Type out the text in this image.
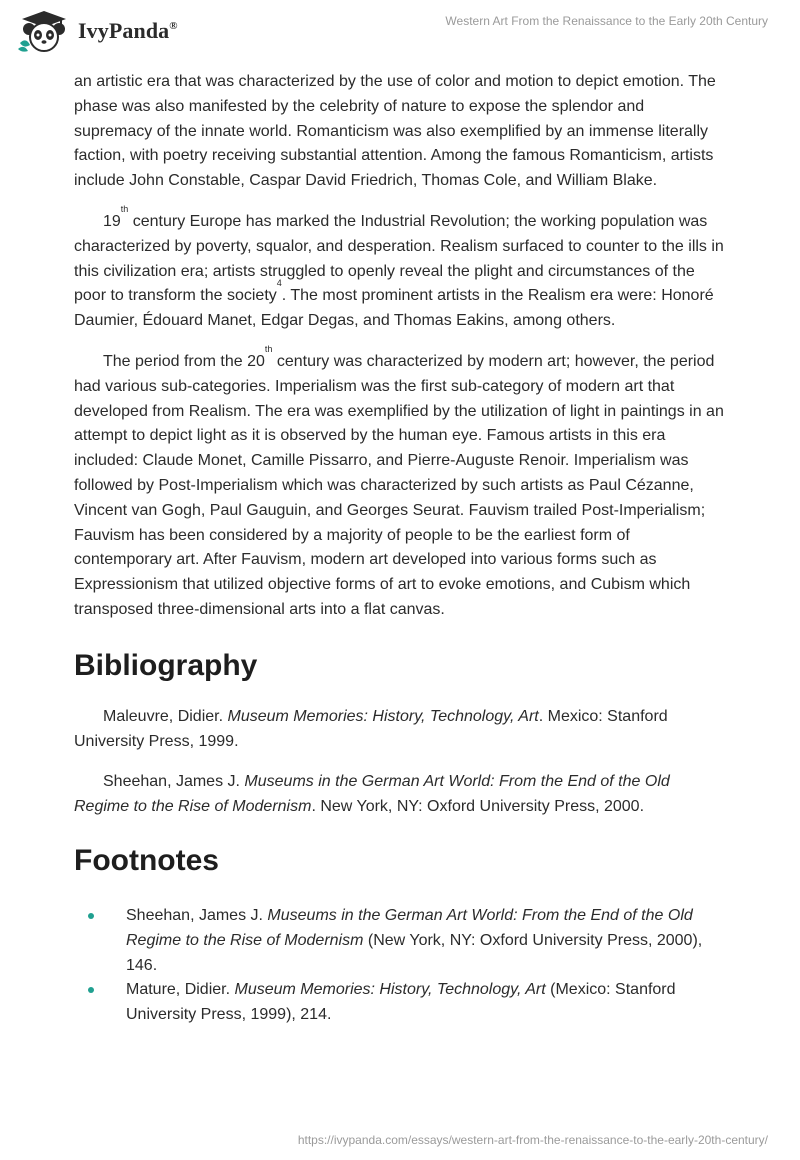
IvyPanda®	Western Art From the Renaissance to the Early 20th Century

an artistic era that was characterized by the use of color and motion to depict emotion. The phase was also manifested by the celebrity of nature to expose the splendor and supremacy of the innate world. Romanticism was also exemplified by an immense literally faction, with poetry receiving substantial attention. Among the famous Romanticism, artists include John Constable, Caspar David Friedrich, Thomas Cole, and William Blake.

19th century Europe has marked the Industrial Revolution; the working population was characterized by poverty, squalor, and desperation. Realism surfaced to counter to the ills in this civilization era; artists struggled to openly reveal the plight and circumstances of the poor to transform the society$^4$. The most prominent artists in the Realism era were: Honoré Daumier, Édouard Manet, Edgar Degas, and Thomas Eakins, among others.

The period from the 20th century was characterized by modern art; however, the period had various sub-categories. Imperialism was the first sub-category of modern art that developed from Realism. The era was exemplified by the utilization of light in paintings in an attempt to depict light as it is observed by the human eye. Famous artists in this era included: Claude Monet, Camille Pissarro, and Pierre-Auguste Renoir. Imperialism was followed by Post-Imperialism which was characterized by such artists as Paul Cézanne, Vincent van Gogh, Paul Gauguin, and Georges Seurat. Fauvism trailed Post-Imperialism; Fauvism has been considered by a majority of people to be the earliest form of contemporary art. After Fauvism, modern art developed into various forms such as Expressionism that utilized objective forms of art to evoke emotions, and Cubism which transposed three-dimensional arts into a flat canvas.

Bibliography

Maleuvre, Didier. Museum Memories: History, Technology, Art. Mexico: Stanford University Press, 1999.

Sheehan, James J. Museums in the German Art World: From the End of the Old Regime to the Rise of Modernism. New York, NY: Oxford University Press, 2000.

Footnotes
Sheehan, James J. Museums in the German Art World: From the End of the Old Regime to the Rise of Modernism (New York, NY: Oxford University Press, 2000), 146.
Mature, Didier. Museum Memories: History, Technology, Art (Mexico: Stanford University Press, 1999), 214.
https://ivypanda.com/essays/western-art-from-the-renaissance-to-the-early-20th-century/
